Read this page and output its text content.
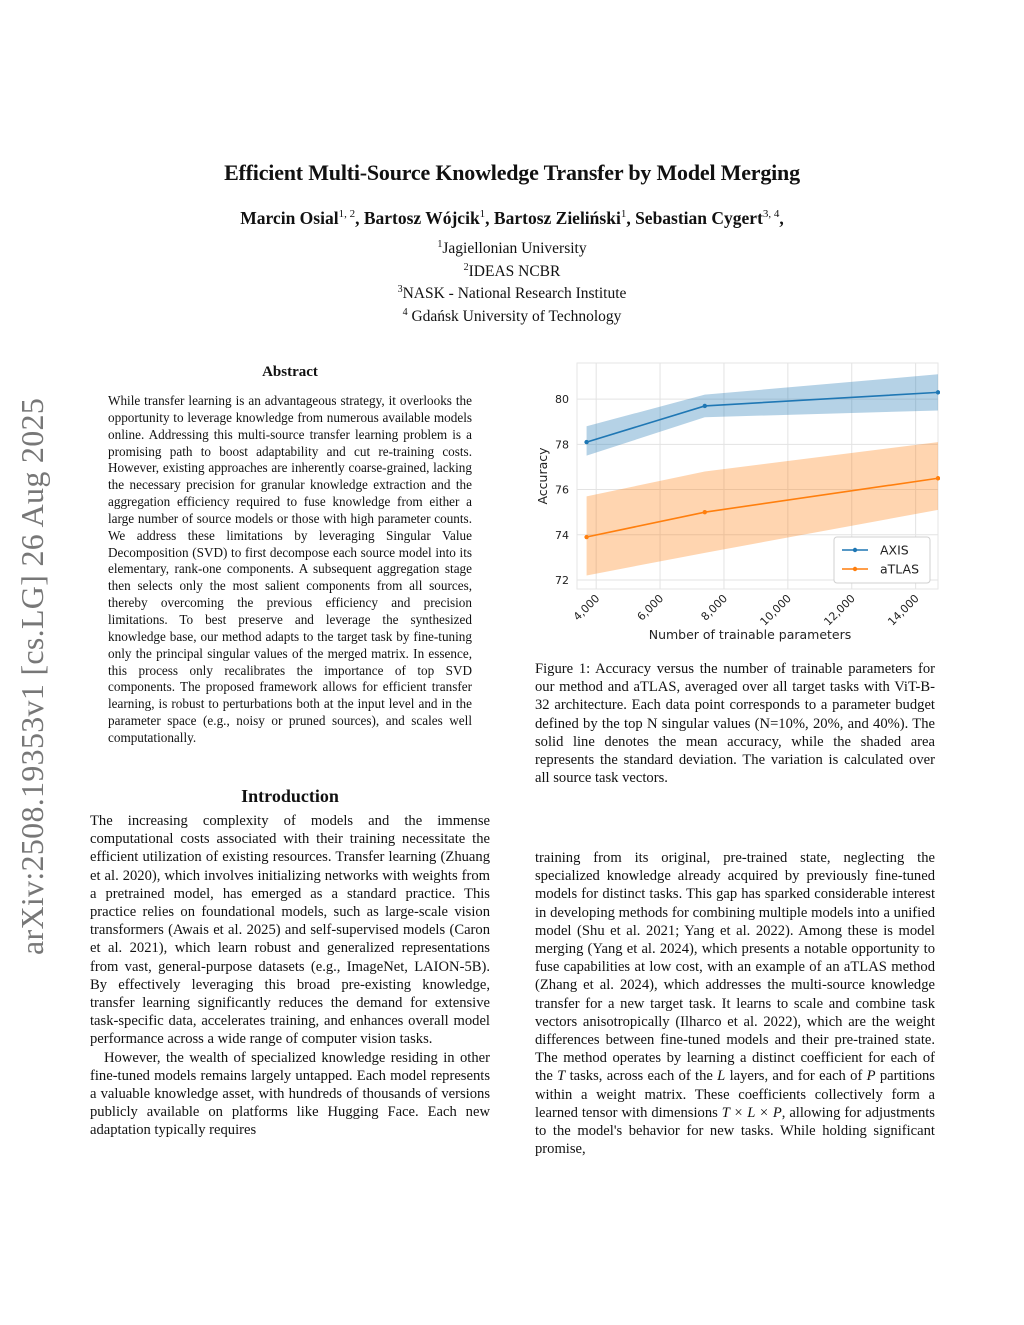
arXiv:2508.19353v1 [cs.LG] 26 Aug 2025
Efficient Multi-Source Knowledge Transfer by Model Merging
Marcin Osial$^{1, 2}$, Bartosz Wójcik$^1$, Bartosz Zieliński$^1$, Sebastian Cygert$^{3, 4}$,
$^1$Jagiellonian University
$^2$IDEAS NCBR
$^3$NASK - National Research Institute
$^4$ Gdańsk University of Technology
Abstract
While transfer learning is an advantageous strategy, it overlooks the opportunity to leverage knowledge from numerous available models online. Addressing this multi-source transfer learning problem is a promising path to boost adaptability and cut re-training costs. However, existing approaches are inherently coarse-grained, lacking the necessary precision for granular knowledge extraction and the aggregation efficiency required to fuse knowledge from either a large number of source models or those with high parameter counts. We address these limitations by leveraging Singular Value Decomposition (SVD) to first decompose each source model into its elementary, rank-one components. A subsequent aggregation stage then selects only the most salient components from all sources, thereby overcoming the previous efficiency and precision limitations. To best preserve and leverage the synthesized knowledge base, our method adapts to the target task by fine-tuning only the principal singular values of the merged matrix. In essence, this process only recalibrates the importance of top SVD components. The proposed framework allows for efficient transfer learning, is robust to perturbations both at the input level and in the parameter space (e.g., noisy or pruned sources), and scales well computationally.
Introduction

The increasing complexity of models and the immense computational costs associated with their training necessitate the efficient utilization of existing resources. Transfer learning (Zhuang et al. 2020), which involves initializing networks with weights from a pretrained model, has emerged as a standard practice. This practice relies on foundational models, such as large-scale vision transformers (Awais et al. 2025) and self-supervised models (Caron et al. 2021), which learn robust and generalized representations from vast, general-purpose datasets (e.g., ImageNet, LAION-5B). By effectively leveraging this broad pre-existing knowledge, transfer learning significantly reduces the demand for extensive task-specific data, accelerates training, and enhances overall model performance across a wide range of computer vision tasks.

However, the wealth of specialized knowledge residing in other fine-tuned models remains largely untapped. Each model represents a valuable knowledge asset, with hundreds of thousands of versions publicly available on platforms like Hugging Face. Each new adaptation typically requires

4,000	6,000	8,000 10,000 12,000 14,000
72
74
76
78
80
Number of trainable parameters
Accuracy
AXIS
aTLAS
Figure 1: Accuracy versus the number of trainable parameters for our method and aTLAS, averaged over all target tasks with ViT-B-32 architecture. Each data point corresponds to a parameter budget defined by the top N singular values (N=10%, 20%, and 40%). The solid line denotes the mean accuracy, while the shaded area represents the standard deviation. The variation is calculated over all source task vectors.

training from its original, pre-trained state, neglecting the specialized knowledge already acquired by previously fine-tuned models for distinct tasks. This gap has sparked considerable interest in developing methods for combining multiple models into a unified model (Shu et al. 2021; Yang et al. 2022). Among these is model merging (Yang et al. 2024), which presents a notable opportunity to fuse capabilities at low cost, with an example of an aTLAS method (Zhang et al. 2024), which addresses the multi-source knowledge transfer for a new target task. It learns to scale and combine task vectors anisotropically (Ilharco et al. 2022), which are the weight differences between fine-tuned models and their pre-trained state. The method operates by learning a distinct coefficient for each of the T tasks, across each of the L layers, and for each of P partitions within a weight matrix. These coefficients collectively form a learned tensor with dimensions T × L × P, allowing for adjustments to the model's behavior for new tasks. While holding significant promise,
